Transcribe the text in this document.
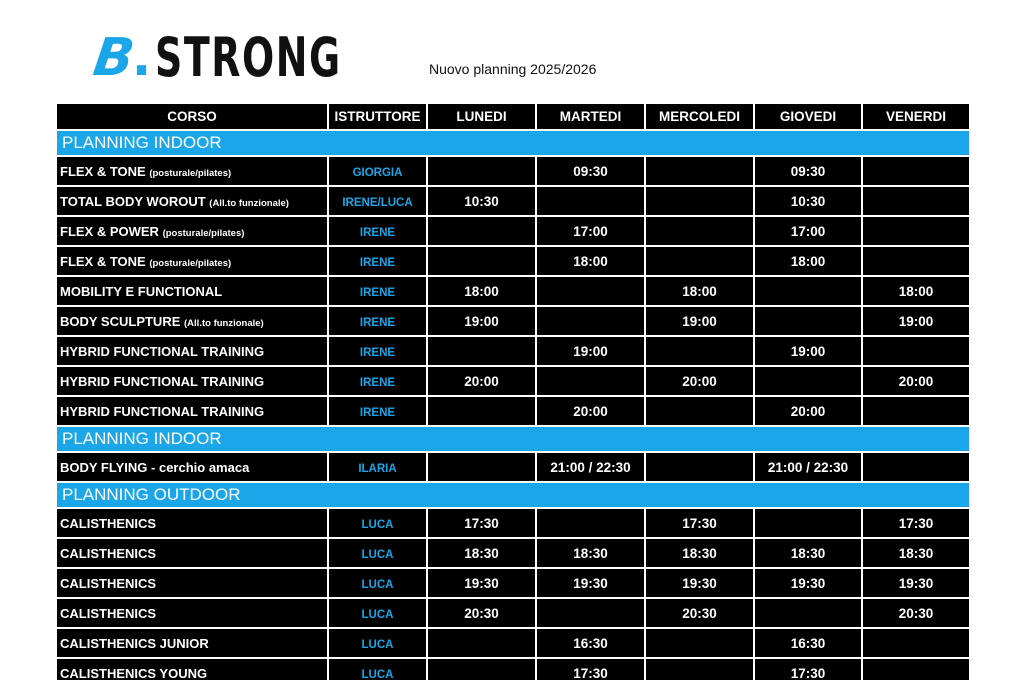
B
. STRONG	Nuovo planning 2025/2026
CORSO	ISTRUTTORE	LUNEDI	MARTEDI	MERCOLEDI	GIOVEDI	VENERDI
PLANNING INDOOR						
FLEX & TONE (posturale/pilates)	GIORGIA		09:30		09:30	
TOTAL BODY WOROUT (All.to funzionale)	IRENE/LUCA	10:30			10:30	
FLEX & POWER (posturale/pilates)	IRENE		17:00		17:00	
FLEX & TONE (posturale/pilates)	IRENE		18:00		18:00	
MOBILITY E FUNCTIONAL	IRENE	18:00		18:00		18:00
BODY SCULPTURE (All.to funzionale)	IRENE	19:00		19:00		19:00
HYBRID FUNCTIONAL TRAINING	IRENE		19:00		19:00	
HYBRID FUNCTIONAL TRAINING	IRENE	20:00		20:00		20:00
HYBRID FUNCTIONAL TRAINING	IRENE		20:00		20:00	
PLANNING INDOOR						
BODY FLYING - cerchio amaca	ILARIA		21:00 / 22:30		21:00 / 22:30	
PLANNING OUTDOOR						
CALISTHENICS	LUCA	17:30		17:30		17:30
CALISTHENICS	LUCA	18:30	18:30	18:30	18:30	18:30
CALISTHENICS	LUCA	19:30	19:30	19:30	19:30	19:30
CALISTHENICS	LUCA	20:30		20:30		20:30
CALISTHENICS JUNIOR	LUCA		16:30		16:30	
CALISTHENICS YOUNG	LUCA		17:30		17:30	
